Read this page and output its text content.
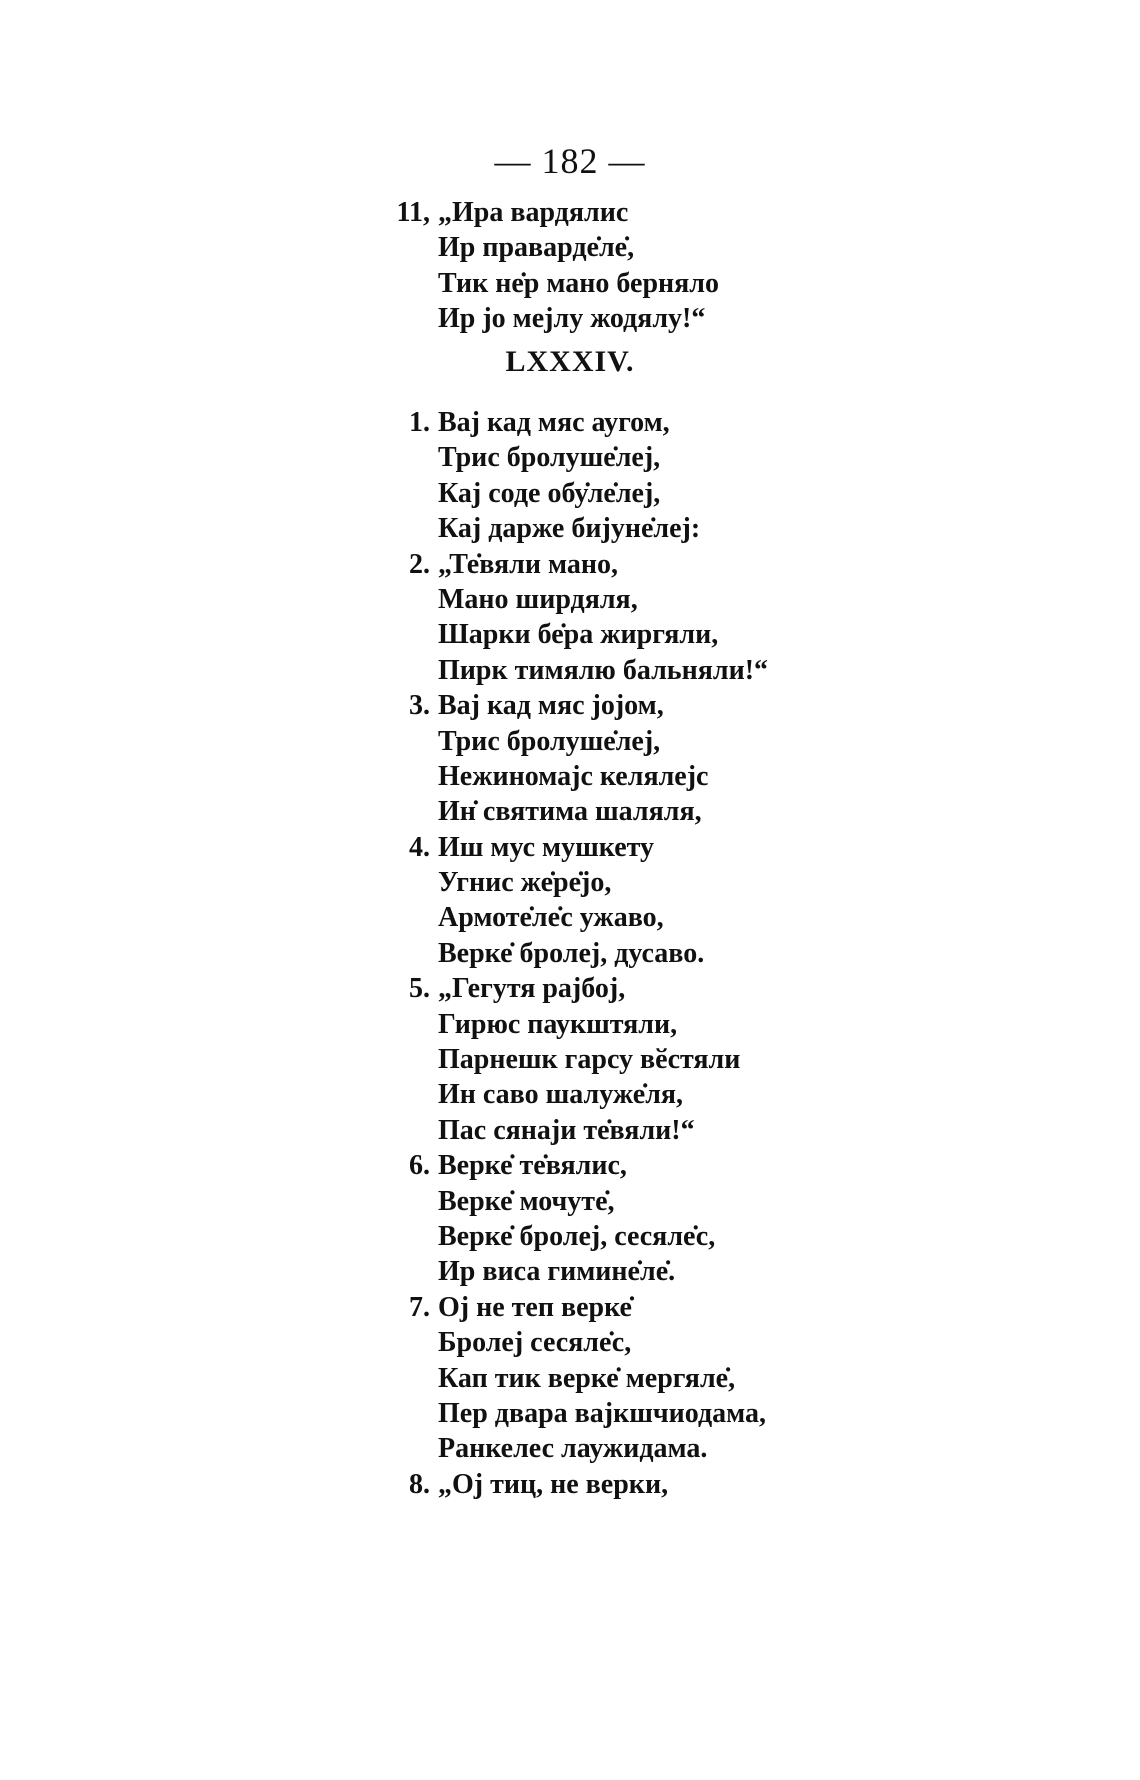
— 182 —
11, „Ира вардялис
Ир праварде̇ле̇,
Тик не̇р мано берняло
Ир јо мејлу жодялу!“
LXXXIV.
1. Вај кад мяс аугом,
Трис бролуше̇лej,
Кај соде обу̇ле̇лej,
Кај дарже бијуне̇лej:
2. „Те̇вяли мано,
Мано ширдяля,
Шарки бе̇ра жиргяли,
Пирк тимялю бальняли!“
3. Вај кад мяс јојом,
Трис бролуше̇лej,
Нежиномајс келялејс
Ин̇ святима шаляля,
4. Иш мус мушкету
Угнис же̇ре̇јо,
Армоте̇ле̇с ужаво,
Верке̇ бролеј, дусаво.
5. „Гегутя рајбој,
Гирюс паукштяли,
Парнешк гарсу вӗстяли
Ин саво шалуже̇ля,
Пас сянаји те̇вяли!“
6. Верке̇ те̇вялис,
Верке̇ мочуте̇,
Верке̇ бролеј, сесяле̇с,
Ир виса гимине̇ле̇.
7. Ој не теп верке̇
Бролеј сесяле̇с,
Кап тик верке̇ мергяле̇,
Пер двара вајкшчиодама,
Ранкелес лаужидама.
8. „Ој тиц, не верки,
